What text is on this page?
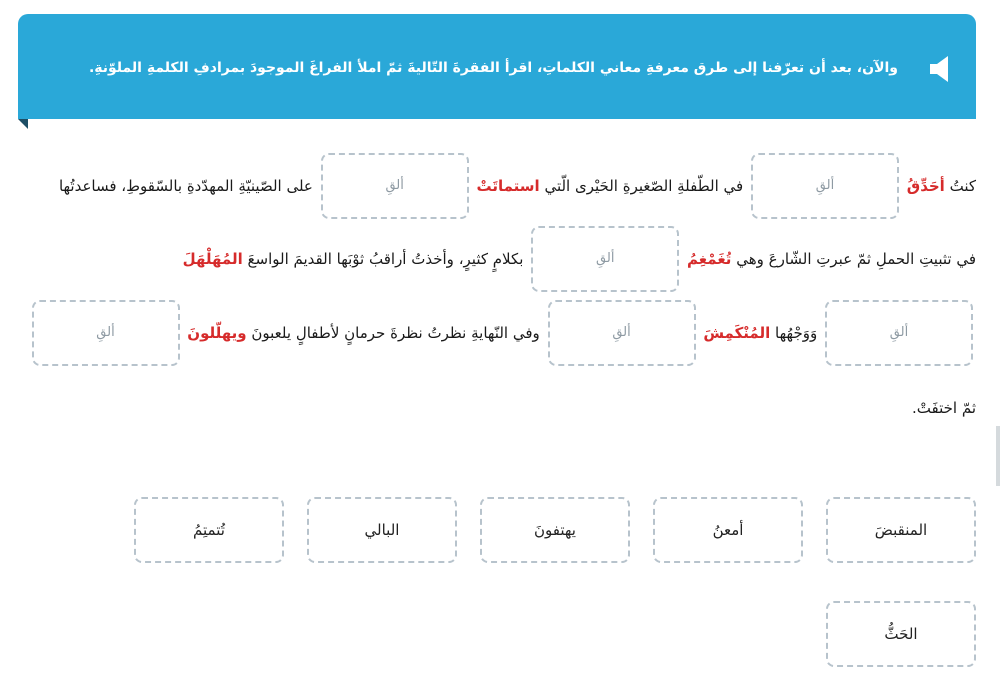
والآن، بعد أن تعرّفنا إلى طرق معرفةِ معاني الكلماتِ، اقرأ الفقرةَ التّاليةَ ثمّ املأ الفراغَ الموجودَ بمرادفِ الكلمةِ الملوّنةِ.
كنتُ أحَدِّقُ ألقِ في الطّفلةِ الصّغيرةِ الحَيْرى الّتي استماتَتْ ألقِ على الصّينيّةِ المهدّدةِ بالسّقوطِ، فساعدتُها
في تثبيتِ الحملِ ثمّ عبرتِ الشّارعَ وهي تُغَمْغِمُ ألقِ بكلامٍ كثيرٍ، وأخذتُ أراقبُ ثوْبَها القديمَ الواسعَ المُهَلْهَلَ
ألقِ وَوَجْهُها المُنْكَمِشَ ألقِ وفي النّهايةِ نظرتُ نظرةَ حرمانٍ لأطفالٍ يلعبونَ ويهلّلونَ ألقِ
ثمّ اختفَتْ.
المنقبضَ
أمعنُ
يهتفونَ
البالي
تُتمتِمُ
الحَثُّ
